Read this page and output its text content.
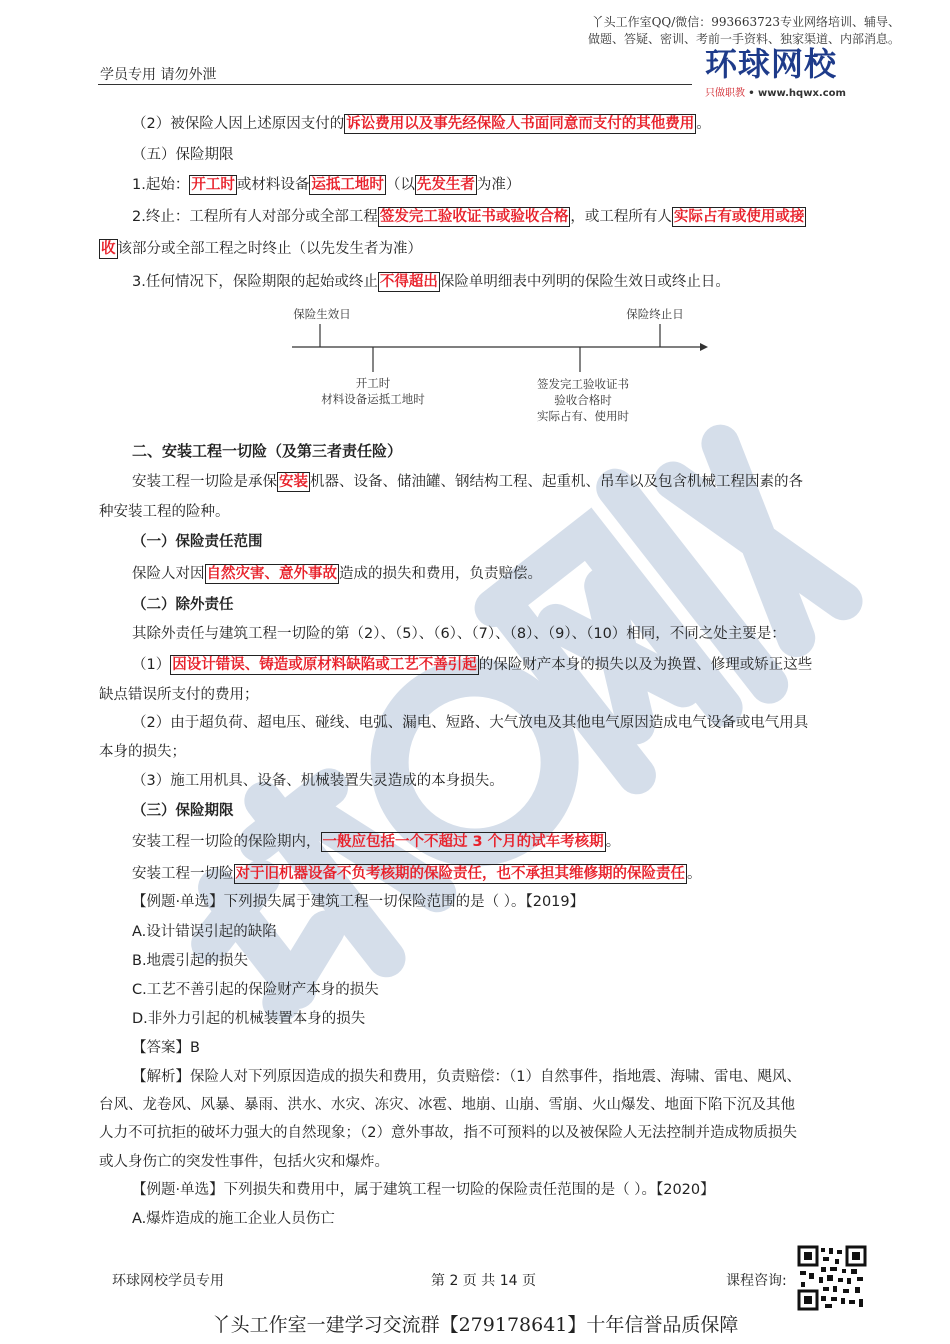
丫头工作室QQ/微信：993663723专业网络培训、辅导、
做题、答疑、密训、考前一手资料、独家渠道、内部消息。
学员专用 请勿外泄	环球网校
只做职教 • www.hqwx.com
（2）被保险人因上述原因支付的 诉讼费用以及事先经保险人书面同意而支付的其他费用 。
（五）保险期限
1.起始： 开工时 或材料设备 运抵工地时 （以 先发生者 为准）
2.终止：工程所有人对部分或全部工程 签发完工验收证书或验收合格 ，或工程所有人 实际占有或使用或接
收 该部分或全部工程之时终止（以先发生者为准）
3.任何情况下，保险期限的起始或终止 不得超出 保险单明细表中列明的保险生效日或终止日。
保险生效日	保险终止日
开工时
材料设备运抵工地时
签发完工验收证书
验收合格时
实际占有、使用时
二、安装工程一切险（及第三者责任险）
安装工程一切险是承保 安装 机器、设备、储油罐、钢结构工程、起重机、吊车以及包含机械工程因素的各
种安装工程的险种。
（一）保险责任范围
保险人对因 自然灾害、意外事故 造成的损失和费用，负责赔偿。
（二）除外责任
其除外责任与建筑工程一切险的第（2）、（5）、（6）、（7）、（8）、（9）、（10）相同，不同之处主要是：
（1） 因设计错误、铸造或原材料缺陷或工艺不善引起 的保险财产本身的损失以及为换置、修理或矫正这些
缺点错误所支付的费用；
（2）由于超负荷、超电压、碰线、电弧、漏电、短路、大气放电及其他电气原因造成电气设备或电气用具
本身的损失；
（3）施工用机具、设备、机械装置失灵造成的本身损失。
（三）保险期限
安装工程一切险的保险期内， 一般应包括一个不超过 3 个月的试车考核期 。
安装工程一切险 对于旧机器设备不负考核期的保险责任，也不承担其维修期的保险责任 。
【例题·单选】下列损失属于建筑工程一切保险范围的是（ ）。【2019】
A.设计错误引起的缺陷
B.地震引起的损失
C.工艺不善引起的保险财产本身的损失
D.非外力引起的机械装置本身的损失
【答案】B
【解析】保险人对下列原因造成的损失和费用，负责赔偿：（1）自然事件，指地震、海啸、雷电、飓风、
台风、龙卷风、风暴、暴雨、洪水、水灾、冻灾、冰雹、地崩、山崩、雪崩、火山爆发、地面下陷下沉及其他
人力不可抗拒的破坏力强大的自然现象；（2）意外事故，指不可预料的以及被保险人无法控制并造成物质损失
或人身伤亡的突发性事件，包括火灾和爆炸。
【例题·单选】下列损失和费用中，属于建筑工程一切险的保险责任范围的是（ ）。【2020】
A.爆炸造成的施工企业人员伤亡
环球网校学员专用	第 2 页 共 14 页	课程咨询:
丫头工作室一建学习交流群【279178641】十年信誉品质保障
